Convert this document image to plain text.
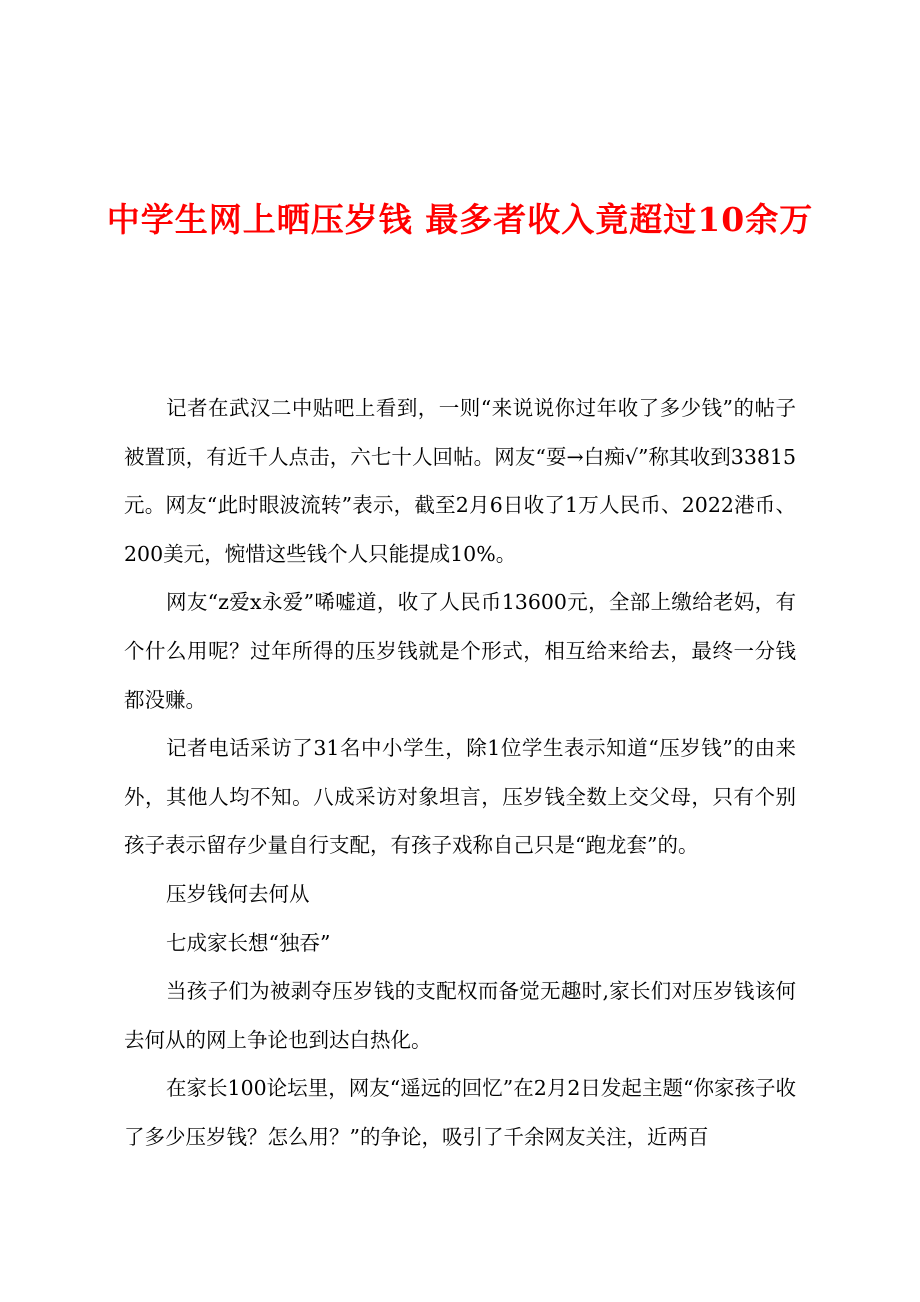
中学生网上晒压岁钱 最多者收入竟超过10余万

记者在武汉二中贴吧上看到，一则“来说说你过年收了多少钱”的帖子被置顶，有近千人点击，六七十人回帖。网友“耍→白痴√”称其收到33815元。网友“此时眼波流转”表示，截至2月6日收了1万人民币、2022港币、200美元，惋惜这些钱个人只能提成10%。

网友“z爱x永爱”唏嘘道，收了人民币13600元，全部上缴给老妈，有个什么用呢？过年所得的压岁钱就是个形式，相互给来给去，最终一分钱都没赚。

记者电话采访了31名中小学生，除1位学生表示知道“压岁钱”的由来外，其他人均不知。八成采访对象坦言，压岁钱全数上交父母，只有个别孩子表示留存少量自行支配，有孩子戏称自己只是“跑龙套”的。

压岁钱何去何从

七成家长想“独吞”

当孩子们为被剥夺压岁钱的支配权而备觉无趣时,家长们对压岁钱该何去何从的网上争论也到达白热化。

在家长100论坛里，网友“遥远的回忆”在2月2日发起主题“你家孩子收了多少压岁钱？怎么用？”的争论，吸引了千余网友关注，近两百
